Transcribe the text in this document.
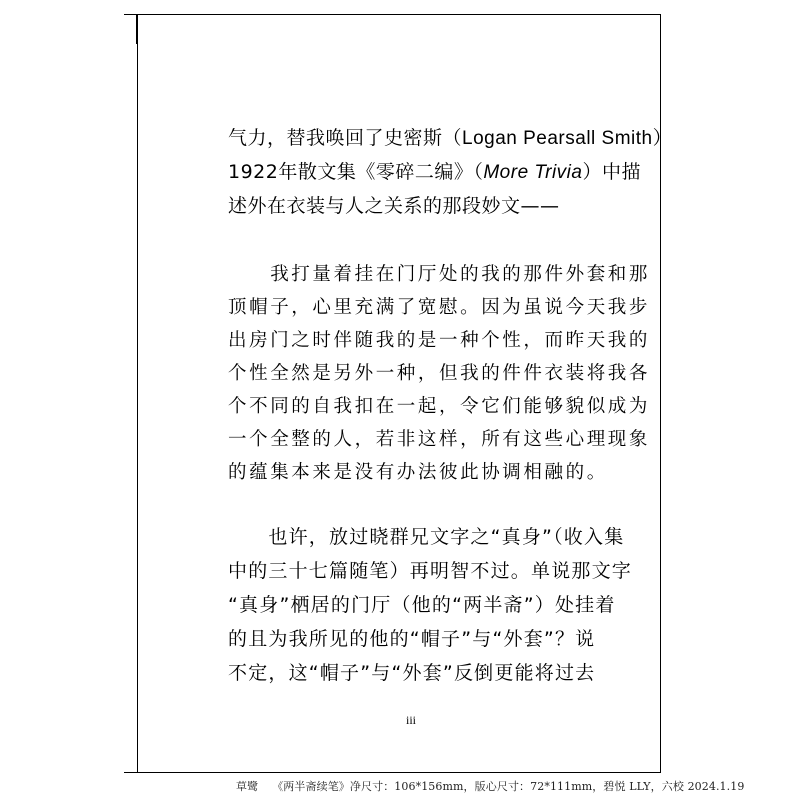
气力，替我唤回了史密斯（Logan Pearsall Smith）
1922年散文集《零碎二编》（More Trivia）中描
述外在衣装与人之关系的那段妙文——
　　我打量着挂在门厅处的我的那件外套和那
顶帽子，心里充满了宽慰。因为虽说今天我步
出房门之时伴随我的是一种个性，而昨天我的
个性全然是另外一种，但我的件件衣装将我各
个不同的自我扣在一起，令它们能够貌似成为
一个全整的人，若非这样，所有这些心理现象
的蕴集本来是没有办法彼此协调相融的。
　　也许，放过晓群兄文字之“真身”（收入集
中的三十七篇随笔）再明智不过。单说那文字
“真身”栖居的门厅（他的“两半斋”）处挂着
的且为我所见的他的“帽子”与“外套”？说
不定，这“帽子”与“外套”反倒更能将过去
iii
草鹭 《两半斋续笔》净尺寸：106*156mm，版心尺寸：72*111mm，碧悦 LLY，六校 2024.1.19
